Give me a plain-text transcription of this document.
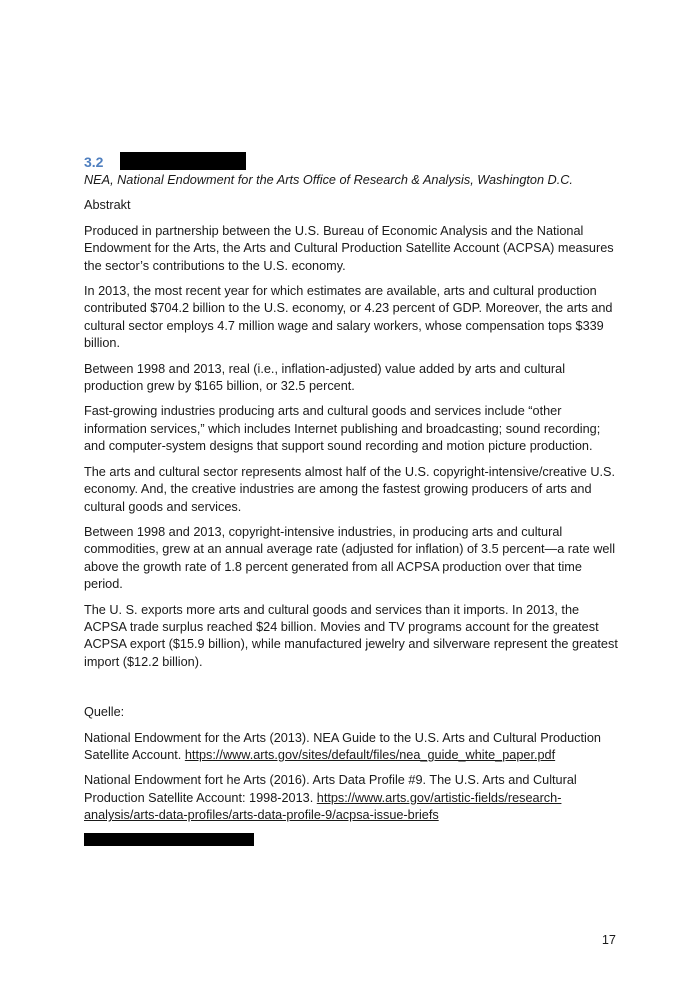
3.2

NEA, National Endowment for the Arts Office of Research & Analysis, Washington D.C.

Abstrakt

Produced in partnership between the U.S. Bureau of Economic Analysis and the National Endowment for the Arts, the Arts and Cultural Production Satellite Account (ACPSA) measures the sector’s contributions to the U.S. economy.

In 2013, the most recent year for which estimates are available, arts and cultural production contributed $704.2 billion to the U.S. economy, or 4.23 percent of GDP. Moreover, the arts and cultural sector employs 4.7 million wage and salary workers, whose compensation tops $339 billion.

Between 1998 and 2013, real (i.e., inflation‐adjusted) value added by arts and cultural production grew by $165 billion, or 32.5 percent.

Fast-growing industries producing arts and cultural goods and services include “other information services,” which includes Internet publishing and broadcasting; sound recording; and computer-system designs that support sound recording and motion picture production.

The arts and cultural sector represents almost half of the U.S. copyright-intensive/creative U.S. economy. And, the creative industries are among the fastest growing producers of arts and cultural goods and services.

Between 1998 and 2013, copyright‐intensive industries, in producing arts and cultural commodities, grew at an annual average rate (adjusted for inflation) of 3.5 percent—a rate well above the growth rate of 1.8 percent generated from all ACPSA production over that time period.

The U. S. exports more arts and cultural goods and services than it imports. In 2013, the ACPSA trade surplus reached $24 billion. Movies and TV programs account for the greatest ACPSA export ($15.9 billion), while manufactured jewelry and silverware represent the greatest import ($12.2 billion).

Quelle:

National Endowment for the Arts (2013). NEA Guide to the U.S. Arts and Cultural Production Satellite Account. https://www.arts.gov/sites/default/files/nea_guide_white_paper.pdf

National Endowment fort he Arts (2016). Arts Data Profile #9. The U.S. Arts and Cultural Production Satellite Account: 1998-2013. https://www.arts.gov/artistic-fields/research-analysis/arts-data-profiles/arts-data-profile-9/acpsa-issue-briefs

17
